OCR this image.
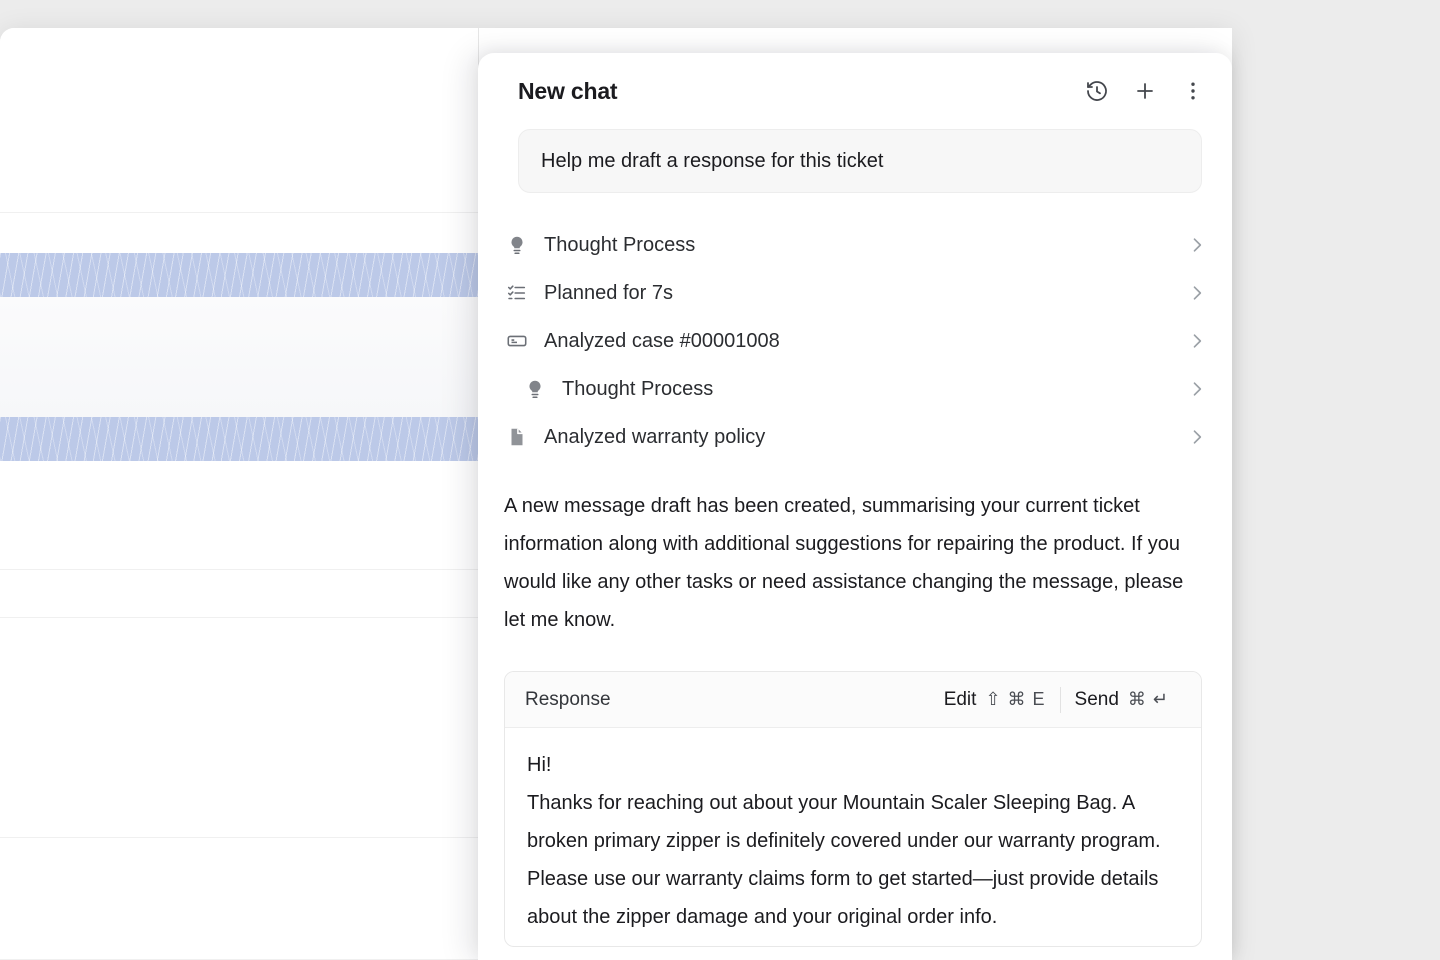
New chat
Help me draft a response for this ticket
Thought Process
Planned for 7s
Analyzed case #00001008
Thought Process
Analyzed warranty policy
A new message draft has been created, summarising your current ticket information along with additional suggestions for repairing the product. If you would like any other tasks or need assistance changing the message, please let me know.
Response	Edit ⇧ ⌘ E Send ⌘ ↵

Hi!

Thanks for reaching out about your Mountain Scaler Sleeping Bag. A broken primary zipper is definitely covered under our warranty program. Please use our warranty claims form to get started—just provide details about the zipper damage and your original order info.
